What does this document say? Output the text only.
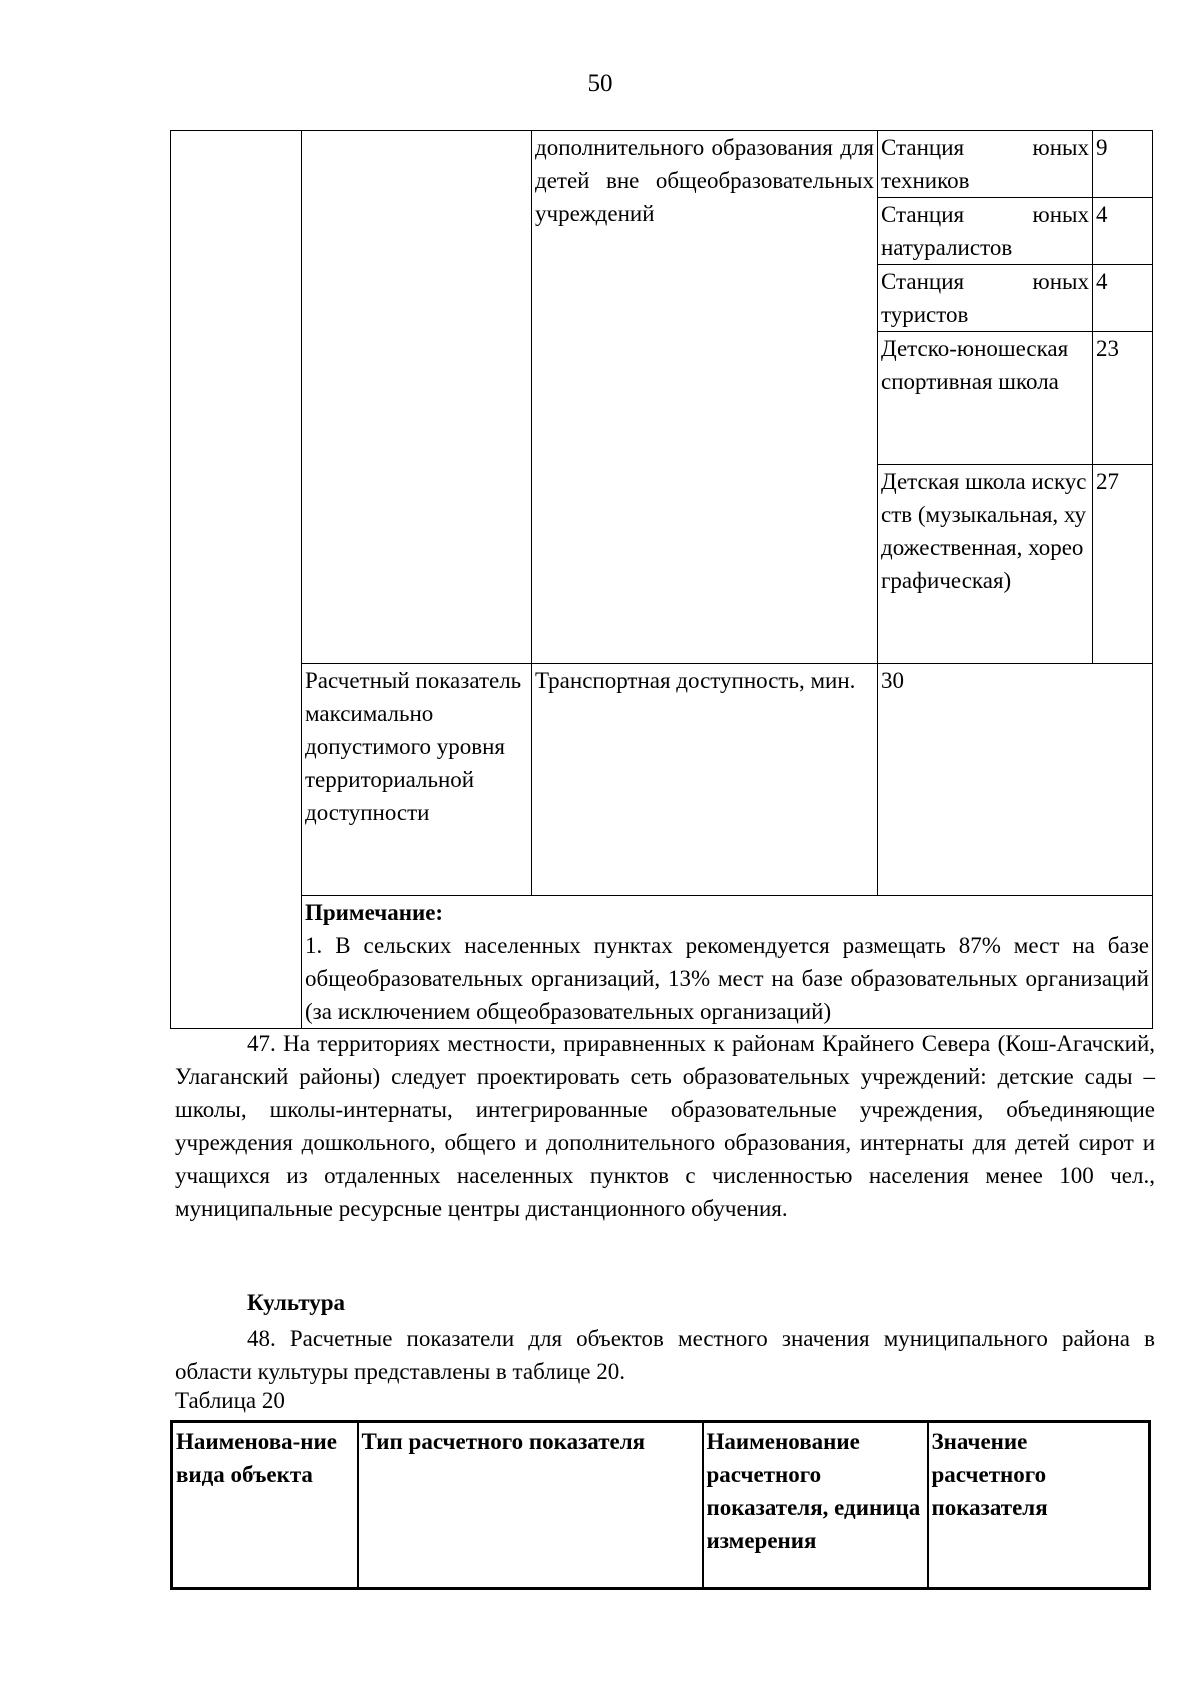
50
		дополнительного образования для детей вне общеобразовательных учреждений	Станция юных техников	9
			Станция юных натуралистов	4
			Станция юных туристов	4
			Детско-юношеская спортивная школа	23
			Детская школа искусств (музыкальная, художественная, хореографическая)	27
	Расчетный показатель максимально допустимого уровня территориальной доступности	Транспортная доступность, мин.	30	
	Примечание:
1. В сельских населенных пунктах рекомендуется размещать 87% мест на базе общеобразовательных организаций, 13% мест на базе образовательных организаций (за исключением общеобразовательных организаций)			
47. На территориях местности, приравненных к районам Крайнего Севера (Кош-Агачский, Улаганский районы) следует проектировать сеть образовательных учреждений: детские сады – школы, школы-интернаты, интегрированные образовательные учреждения, объединяющие учреждения дошкольного, общего и дополнительного образования, интернаты для детей сирот и учащихся из отдаленных населенных пунктов с численностью населения менее 100 чел., муниципальные ресурсные центры дистанционного обучения.
Культура
48. Расчетные показатели для объектов местного значения муниципального района в области культуры представлены в таблице 20.
Таблица 20
Наименова-ние вида объекта	Тип расчетного показателя	Наименование расчетного показателя, единица измерения	Значение расчетного показателя
